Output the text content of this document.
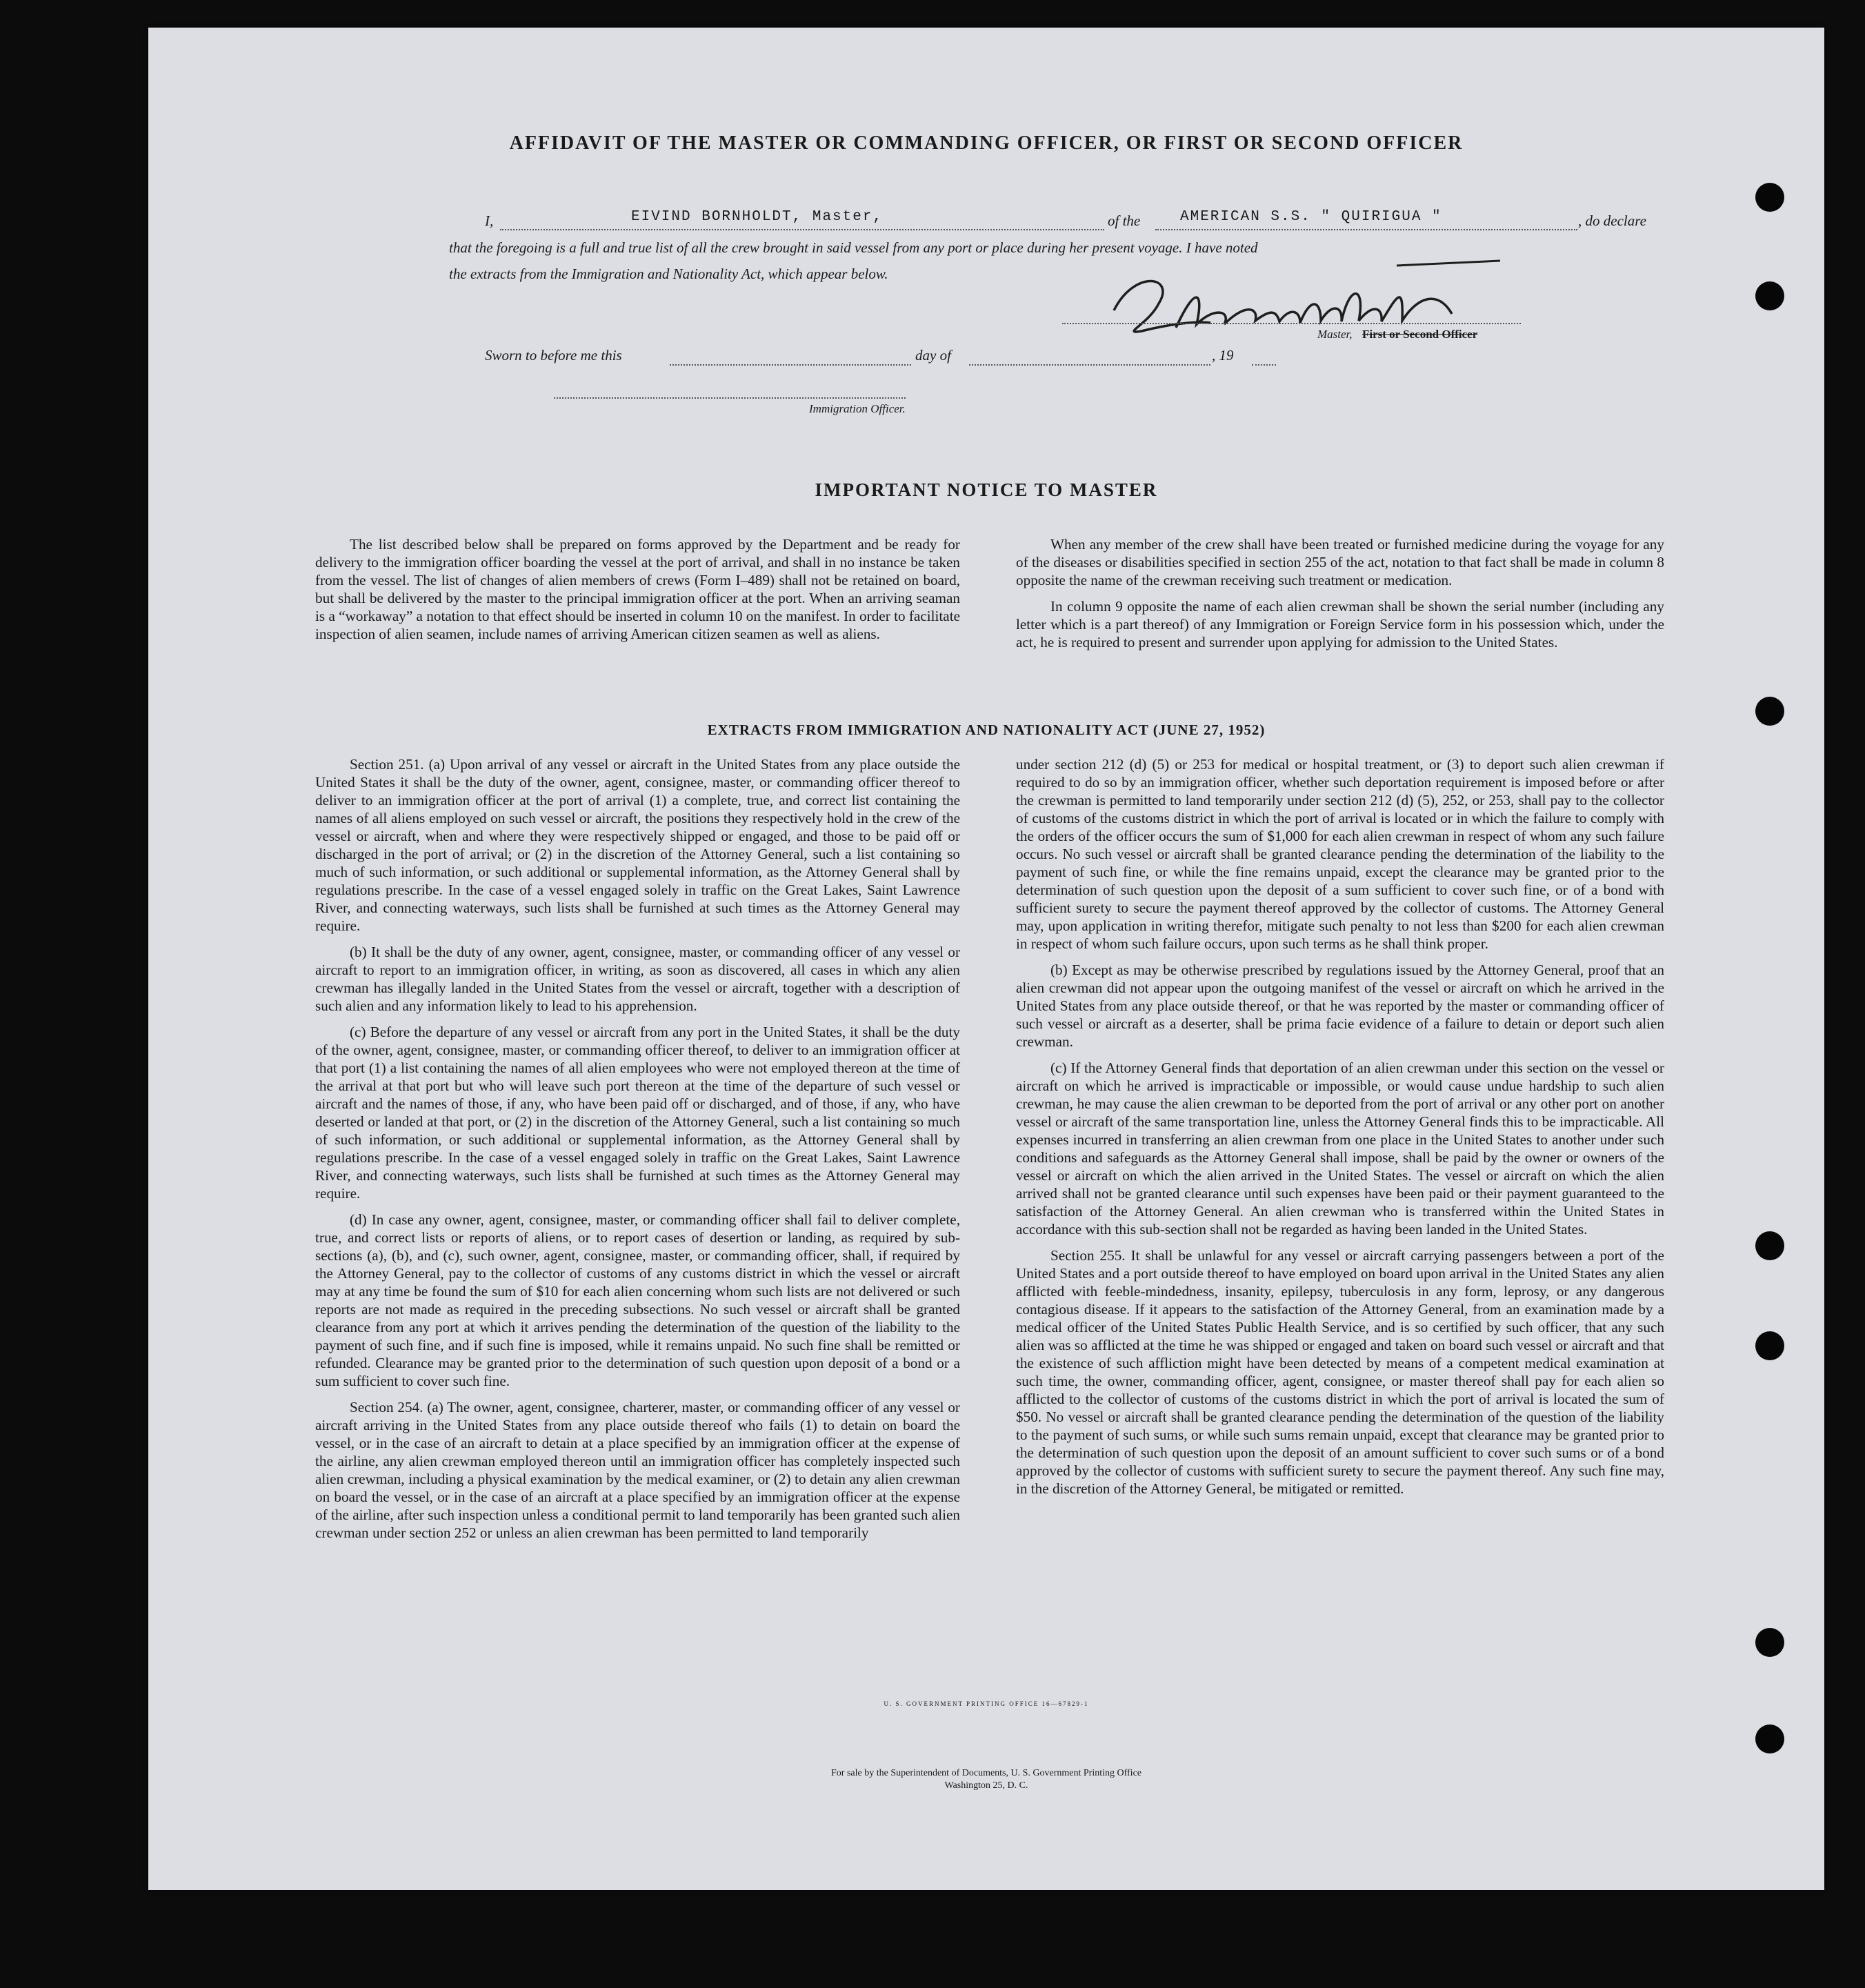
AFFIDAVIT OF THE MASTER OR COMMANDING OFFICER, OR FIRST OR SECOND OFFICER
I,	EIVIND BORNHOLDT, Master,	of the	AMERICAN S.S. " QUIRIGUA "	, do declare
that the foregoing is a full and true list of all the crew brought in said vessel from any port or place during her present voyage. I have noted
the extracts from the Immigration and Nationality Act, which appear below.
Master, First or Second Officer
Sworn to before me this	day of	, 19
Immigration Officer.
IMPORTANT NOTICE TO MASTER

The list described below shall be prepared on forms approved by the Department and be ready for delivery to the immigration officer boarding the vessel at the port of arrival, and shall in no instance be taken from the vessel. The list of changes of alien members of crews (Form I–489) shall not be retained on board, but shall be delivered by the master to the principal immigration officer at the port. When an arriving seaman is a “workaway” a notation to that effect should be inserted in column 10 on the manifest. In order to facilitate inspection of alien seamen, include names of arriving American citizen seamen as well as aliens.

When any member of the crew shall have been treated or furnished medicine during the voyage for any of the diseases or disabilities specified in section 255 of the act, notation to that fact shall be made in column 8 opposite the name of the crewman receiving such treatment or medication.

In column 9 opposite the name of each alien crewman shall be shown the serial number (including any letter which is a part thereof) of any Immigration or Foreign Service form in his possession which, under the act, he is required to present and surrender upon applying for admission to the United States.

EXTRACTS FROM IMMIGRATION AND NATIONALITY ACT (JUNE 27, 1952)

Section 251. (a) Upon arrival of any vessel or aircraft in the United States from any place outside the United States it shall be the duty of the owner, agent, consignee, master, or commanding officer thereof to deliver to an immigration officer at the port of arrival (1) a complete, true, and correct list containing the names of all aliens employed on such vessel or aircraft, the positions they respectively hold in the crew of the vessel or aircraft, when and where they were respectively shipped or engaged, and those to be paid off or discharged in the port of arrival; or (2) in the discretion of the Attorney General, such a list containing so much of such information, or such additional or supplemental information, as the Attorney General shall by regulations prescribe. In the case of a vessel engaged solely in traffic on the Great Lakes, Saint Lawrence River, and connecting waterways, such lists shall be furnished at such times as the Attorney General may require.

(b) It shall be the duty of any owner, agent, consignee, master, or commanding officer of any vessel or aircraft to report to an immigration officer, in writing, as soon as discovered, all cases in which any alien crewman has illegally landed in the United States from the vessel or aircraft, together with a description of such alien and any information likely to lead to his apprehension.

(c) Before the departure of any vessel or aircraft from any port in the United States, it shall be the duty of the owner, agent, consignee, master, or commanding officer thereof, to deliver to an immigration officer at that port (1) a list containing the names of all alien employees who were not employed thereon at the time of the arrival at that port but who will leave such port thereon at the time of the departure of such vessel or aircraft and the names of those, if any, who have been paid off or discharged, and of those, if any, who have deserted or landed at that port, or (2) in the discretion of the Attorney General, such a list containing so much of such information, or such additional or supplemental information, as the Attorney General shall by regulations prescribe. In the case of a vessel engaged solely in traffic on the Great Lakes, Saint Lawrence River, and connecting waterways, such lists shall be furnished at such times as the Attorney General may require.

(d) In case any owner, agent, consignee, master, or commanding officer shall fail to deliver complete, true, and correct lists or reports of aliens, or to report cases of desertion or landing, as required by sub-sections (a), (b), and (c), such owner, agent, consignee, master, or commanding officer, shall, if required by the Attorney General, pay to the collector of customs of any customs district in which the vessel or aircraft may at any time be found the sum of $10 for each alien concerning whom such lists are not delivered or such reports are not made as required in the preceding subsections. No such vessel or aircraft shall be granted clearance from any port at which it arrives pending the determination of the question of the liability to the payment of such fine, and if such fine is imposed, while it remains unpaid. No such fine shall be remitted or refunded. Clearance may be granted prior to the determination of such question upon deposit of a bond or a sum sufficient to cover such fine.

Section 254. (a) The owner, agent, consignee, charterer, master, or commanding officer of any vessel or aircraft arriving in the United States from any place outside thereof who fails (1) to detain on board the vessel, or in the case of an aircraft to detain at a place specified by an immigration officer at the expense of the airline, any alien crewman employed thereon until an immigration officer has completely inspected such alien crewman, including a physical examination by the medical examiner, or (2) to detain any alien crewman on board the vessel, or in the case of an aircraft at a place specified by an immigration officer at the expense of the airline, after such inspection unless a conditional permit to land temporarily has been granted such alien crewman under section 252 or unless an alien crewman has been permitted to land temporarily

under section 212 (d) (5) or 253 for medical or hospital treatment, or (3) to deport such alien crewman if required to do so by an immigration officer, whether such deportation requirement is imposed before or after the crewman is permitted to land temporarily under section 212 (d) (5), 252, or 253, shall pay to the collector of customs of the customs district in which the port of arrival is located or in which the failure to comply with the orders of the officer occurs the sum of $1,000 for each alien crewman in respect of whom any such failure occurs. No such vessel or aircraft shall be granted clearance pending the determination of the liability to the payment of such fine, or while the fine remains unpaid, except the clearance may be granted prior to the determination of such question upon the deposit of a sum sufficient to cover such fine, or of a bond with sufficient surety to secure the payment thereof approved by the collector of customs. The Attorney General may, upon application in writing therefor, mitigate such penalty to not less than $200 for each alien crewman in respect of whom such failure occurs, upon such terms as he shall think proper.

(b) Except as may be otherwise prescribed by regulations issued by the Attorney General, proof that an alien crewman did not appear upon the outgoing manifest of the vessel or aircraft on which he arrived in the United States from any place outside thereof, or that he was reported by the master or commanding officer of such vessel or aircraft as a deserter, shall be prima facie evidence of a failure to detain or deport such alien crewman.

(c) If the Attorney General finds that deportation of an alien crewman under this section on the vessel or aircraft on which he arrived is impracticable or impossible, or would cause undue hardship to such alien crewman, he may cause the alien crewman to be deported from the port of arrival or any other port on another vessel or aircraft of the same transportation line, unless the Attorney General finds this to be impracticable. All expenses incurred in transferring an alien crewman from one place in the United States to another under such conditions and safeguards as the Attorney General shall impose, shall be paid by the owner or owners of the vessel or aircraft on which the alien arrived in the United States. The vessel or aircraft on which the alien arrived shall not be granted clearance until such expenses have been paid or their payment guaranteed to the satisfaction of the Attorney General. An alien crewman who is transferred within the United States in accordance with this sub-section shall not be regarded as having been landed in the United States.

Section 255. It shall be unlawful for any vessel or aircraft carrying passengers between a port of the United States and a port outside thereof to have employed on board upon arrival in the United States any alien afflicted with feeble-mindedness, insanity, epilepsy, tuberculosis in any form, leprosy, or any dangerous contagious disease. If it appears to the satisfaction of the Attorney General, from an examination made by a medical officer of the United States Public Health Service, and is so certified by such officer, that any such alien was so afflicted at the time he was shipped or engaged and taken on board such vessel or aircraft and that the existence of such affliction might have been detected by means of a competent medical examination at such time, the owner, commanding officer, agent, consignee, or master thereof shall pay for each alien so afflicted to the collector of customs of the customs district in which the port of arrival is located the sum of $50. No vessel or aircraft shall be granted clearance pending the determination of the question of the liability to the payment of such sums, or while such sums remain unpaid, except that clearance may be granted prior to the determination of such question upon the deposit of an amount sufficient to cover such sums or of a bond approved by the collector of customs with sufficient surety to secure the payment thereof. Any such fine may, in the discretion of the Attorney General, be mitigated or remitted.

U. S. GOVERNMENT PRINTING OFFICE 16—67829-1
For sale by the Superintendent of Documents, U. S. Government Printing Office
Washington 25, D. C.
